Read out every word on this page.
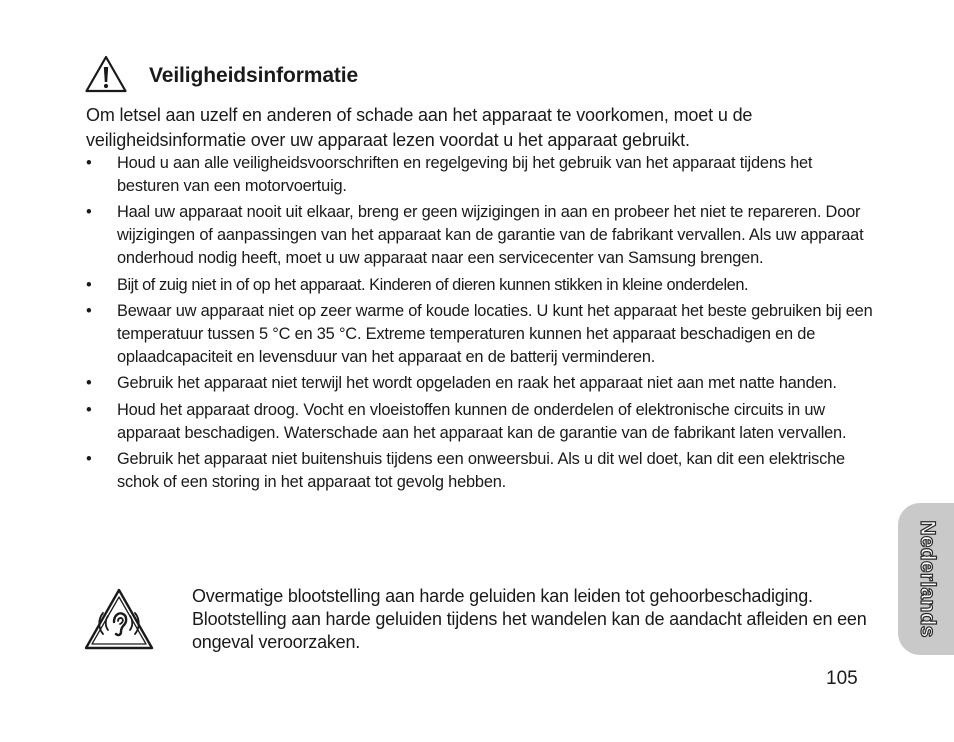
Veiligheidsinformatie
Om letsel aan uzelf en anderen of schade aan het apparaat te voorkomen, moet u de veiligheidsinformatie over uw apparaat lezen voordat u het apparaat gebruikt.
• Houd u aan alle veiligheidsvoorschriften en regelgeving bij het gebruik van het apparaat tijdens het besturen van een motorvoertuig.
• Haal uw apparaat nooit uit elkaar, breng er geen wijzigingen in aan en probeer het niet te repareren. Door wijzigingen of aanpassingen van het apparaat kan de garantie van de fabrikant vervallen. Als uw apparaat onderhoud nodig heeft, moet u uw apparaat naar een servicecenter van Samsung brengen.
• Bijt of zuig niet in of op het apparaat. Kinderen of dieren kunnen stikken in kleine onderdelen.
• Bewaar uw apparaat niet op zeer warme of koude locaties. U kunt het apparaat het beste gebruiken bij een temperatuur tussen 5 °C en 35 °C. Extreme temperaturen kunnen het apparaat beschadigen en de oplaadcapaciteit en levensduur van het apparaat en de batterij verminderen.
• Gebruik het apparaat niet terwijl het wordt opgeladen en raak het apparaat niet aan met natte handen.
• Houd het apparaat droog. Vocht en vloeistoffen kunnen de onderdelen of elektronische circuits in uw apparaat beschadigen. Waterschade aan het apparaat kan de garantie van de fabrikant laten vervallen.
• Gebruik het apparaat niet buitenshuis tijdens een onweersbui. Als u dit wel doet, kan dit een elektrische schok of een storing in het apparaat tot gevolg hebben.
Overmatige blootstelling aan harde geluiden kan leiden tot gehoorbeschadiging. Blootstelling aan harde geluiden tijdens het wandelen kan de aandacht afleiden en een ongeval veroorzaken.
Nederlands
105
